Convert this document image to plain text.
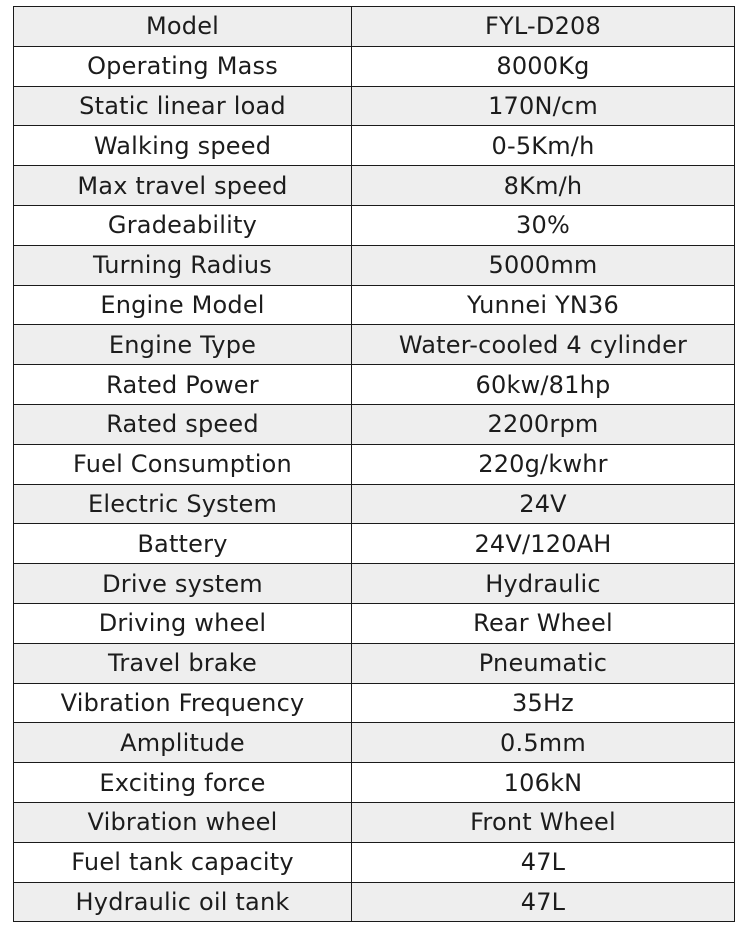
Model	FYL-D208
Operating Mass	8000Kg
Static linear load	170N/cm
Walking speed	0-5Km/h
Max travel speed	8Km/h
Gradeability	30%
Turning Radius	5000mm
Engine Model	Yunnei YN36
Engine Type	Water-cooled 4 cylinder
Rated Power	60kw/81hp
Rated speed	2200rpm
Fuel Consumption	220g/kwhr
Electric System	24V
Battery	24V/120AH
Drive system	Hydraulic
Driving wheel	Rear Wheel
Travel brake	Pneumatic
Vibration Frequency	35Hz
Amplitude	0.5mm
Exciting force	106kN
Vibration wheel	Front Wheel
Fuel tank capacity	47L
Hydraulic oil tank	47L
